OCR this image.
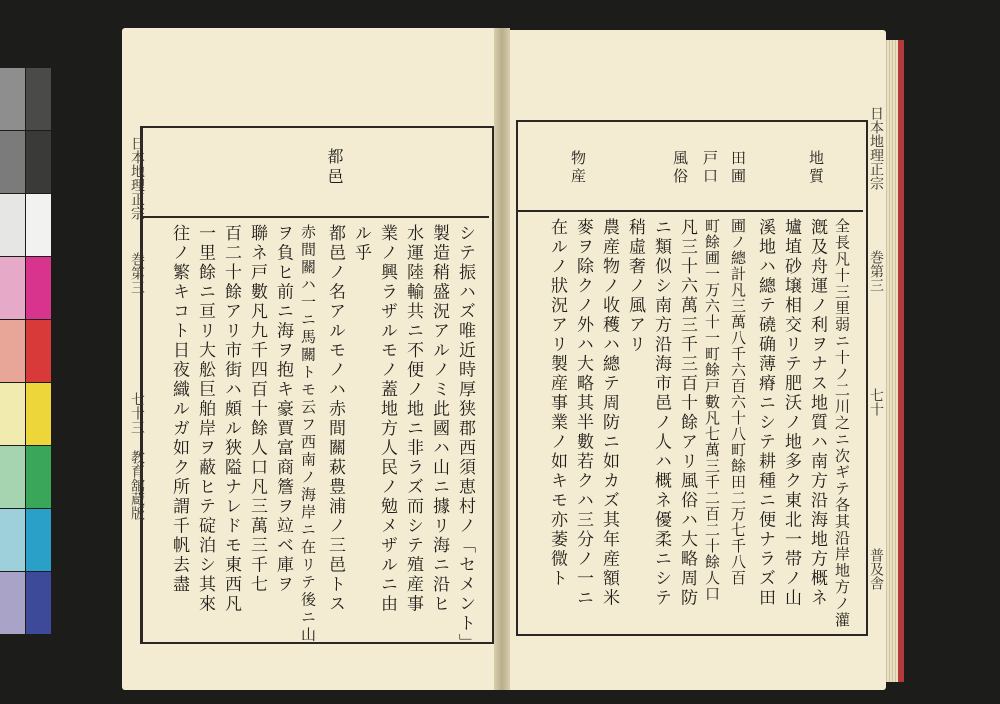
日本地理正宗
巻第三
七十三
教育舘蔵版
都邑
シテ振ハズ唯近時厚狭郡西須恵村ノ「セメント」
製造稍盛況アルノミ此國ハ山ニ據リ海ニ沿ヒ
水運陸輸共ニ不便ノ地ニ非ラズ而シテ殖産事
業ノ興ラザルモノ蓋地方人民ノ勉メザルニ由
ル乎
都邑ノ名アルモノハ赤間關萩豊浦ノ三邑トス
赤間關ハ一ニ馬關トモ云フ西南ノ海岸ニ在リテ後ニ山
ヲ負ヒ前ニ海ヲ抱キ豪賈富商簷ヲ竝ベ庫ヲ
聯ネ戸數凡九千四百十餘人口凡三萬三千七
百二十餘アリ市街ハ頗ル狹隘ナレドモ東西凡
一里餘ニ亘リ大舩巨舶岸ヲ蔽ヒテ碇泊シ其來
往ノ繁キコト日夜織ルガ如ク所謂千帆去盡
日本地理正宗
巻第三
七十
普及舎
地質
田圃
戸口
風俗
物産
全長凡十三里弱ニ十ノ二川之ニ次ギテ各其沿岸地方ノ灌
漑及舟運ノ利ヲナス地質ハ南方沿海地方概ネ
壚埴砂壌相交リテ肥沃ノ地多ク東北一帯ノ山
溪地ハ總テ磽确薄瘠ニシテ耕種ニ便ナラズ田
圃ノ總計凡三萬八千六百六十八町餘田二万七千八百
町餘圃一万六十一町餘戸數凡七萬三千二百二十餘人口
凡三十六萬三千三百十餘アリ風俗ハ大略周防
ニ類似シ南方沿海市邑ノ人ハ概ネ優柔ニシテ
稍虛奢ノ風アリ
農産物ノ收穫ハ總テ周防ニ如カズ其年産額米
麥ヲ除クノ外ハ大略其半數若クハ三分ノ一ニ
在ルノ狀況アリ製産事業ノ如キモ亦萎微ト
